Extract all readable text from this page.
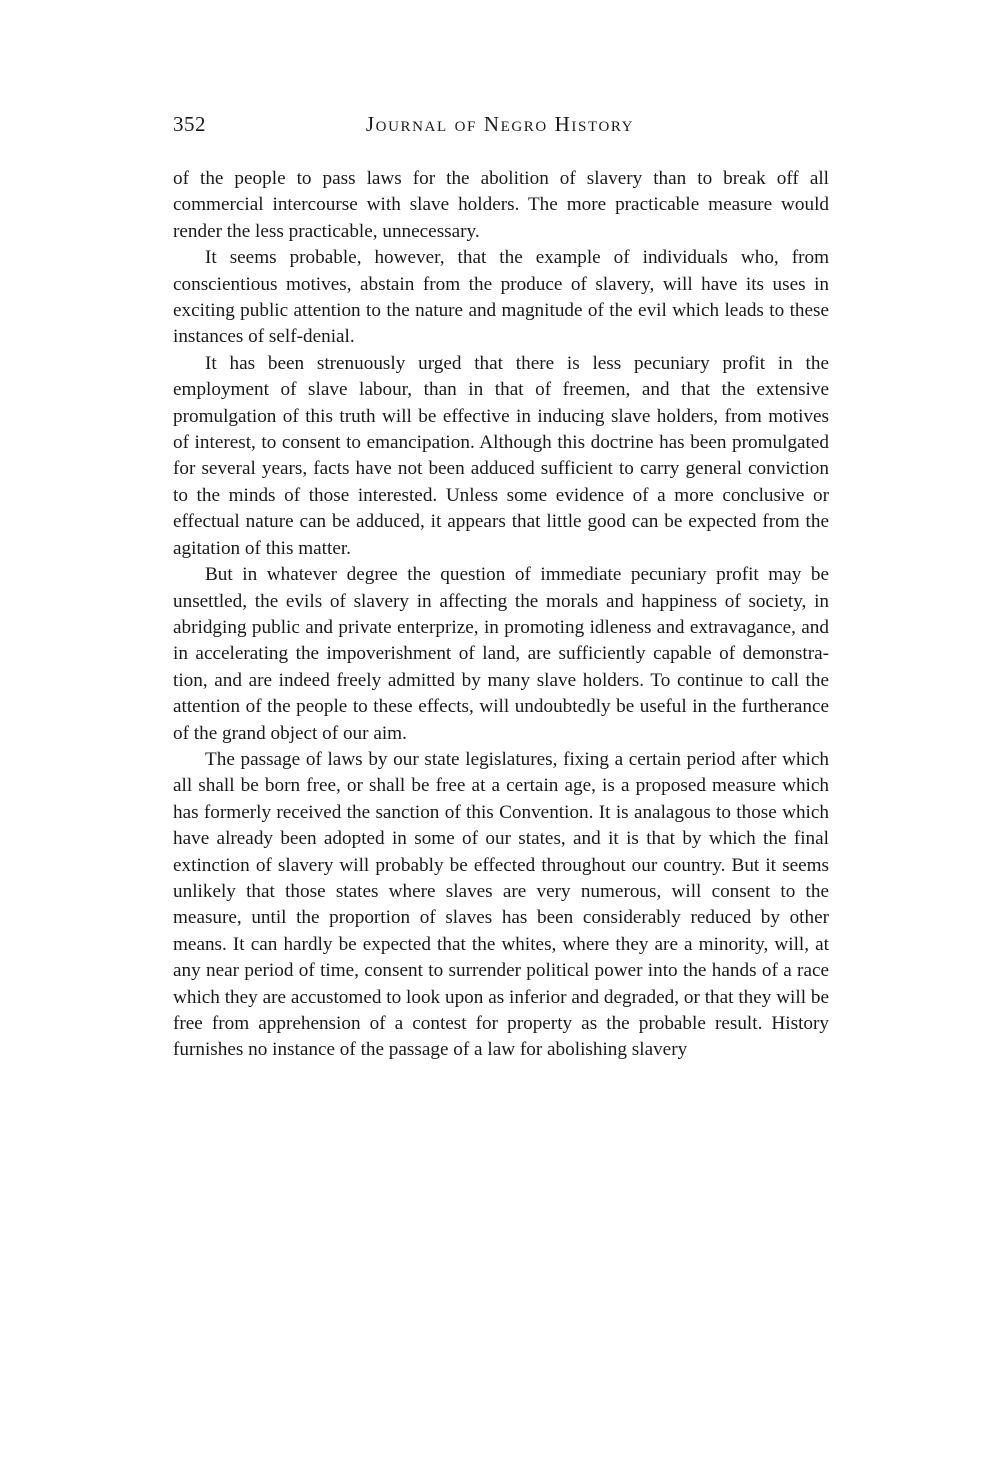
352	Journal of Negro History

of the people to pass laws for the abolition of slavery than to break off all commercial intercourse with slave holders. The more practicable measure would render the less practicable, unnecessary.

It seems probable, however, that the example of individuals who, from conscientious motives, abstain from the produce of slavery, will have its uses in exciting public attention to the nature and magnitude of the evil which leads to these instances of self-denial.

It has been strenuously urged that there is less pecuniary profit in the employment of slave labour, than in that of freemen, and that the extensive promulgation of this truth will be effective in inducing slave holders, from motives of interest, to consent to emancipation. Although this doctrine has been promulgated for several years, facts have not been adduced sufficient to carry general conviction to the minds of those interested. Unless some evidence of a more conclusive or effectual nature can be adduced, it appears that little good can be expected from the agitation of this matter.

But in whatever degree the question of immediate pecuniary profit may be unsettled, the evils of slavery in affecting the morals and happiness of society, in abridging public and private enterprize, in promoting idleness and extravagance, and in accelerating the impoverishment of land, are sufficiently capable of demonstration, and are indeed freely admitted by many slave holders. To continue to call the attention of the people to these effects, will undoubtedly be useful in the furtherance of the grand object of our aim.

The passage of laws by our state legislatures, fixing a certain period after which all shall be born free, or shall be free at a certain age, is a proposed measure which has formerly received the sanction of this Convention. It is analagous to those which have already been adopted in some of our states, and it is that by which the final extinction of slavery will probably be effected throughout our country. But it seems unlikely that those states where slaves are very numerous, will consent to the measure, until the proportion of slaves has been considerably reduced by other means. It can hardly be expected that the whites, where they are a minority, will, at any near period of time, consent to surrender political power into the hands of a race which they are accustomed to look upon as inferior and degraded, or that they will be free from apprehension of a contest for property as the probable result. History furnishes no instance of the passage of a law for abolishing slavery
